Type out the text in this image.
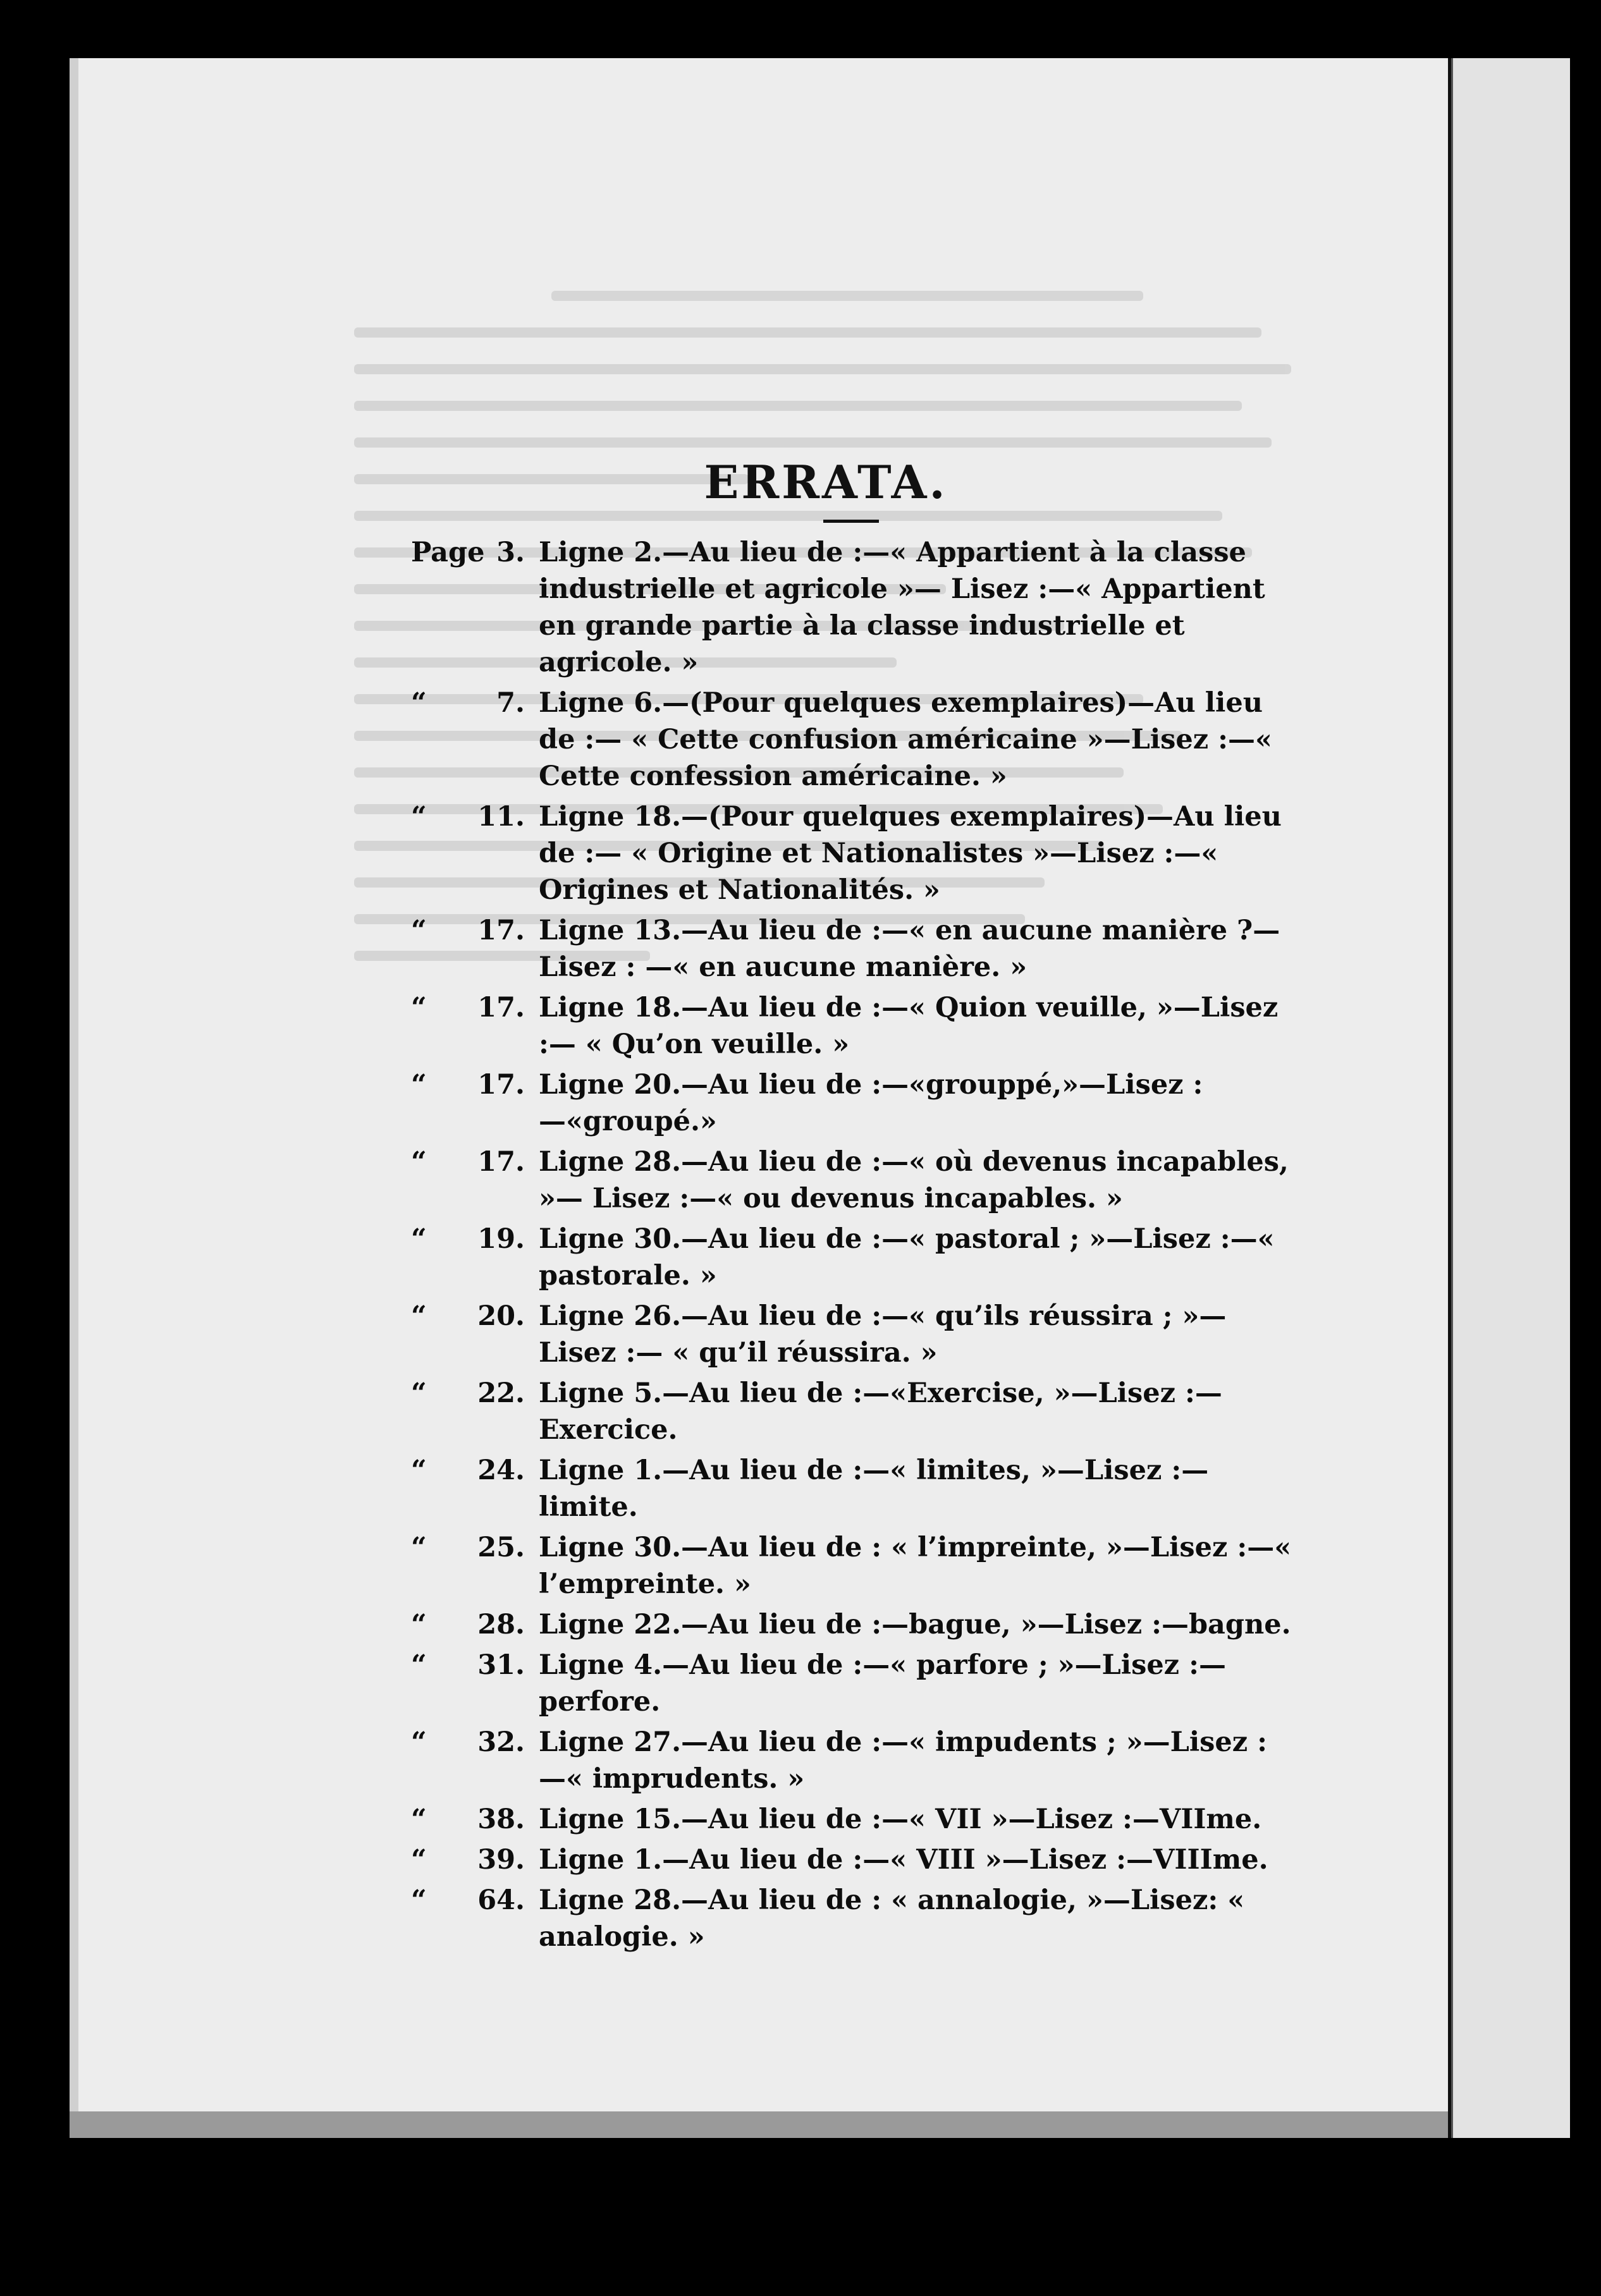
ERRATA.
Page 3. Ligne 2.—Au lieu de :—« Appartient à la classe industrielle et agricole »— Lisez :—« Appartient en grande partie à la classe industrielle et agricole. »
“	7. Ligne 6.—(Pour quelques exemplaires)—Au lieu de :— « Cette confusion américaine »—Lisez :—« Cette confession américaine. »
“	11. Ligne 18.—(Pour quelques exemplaires)—Au lieu de :— « Origine et Nationalistes »—Lisez :—« Origines et Nationalités. »
“	17. Ligne 13.—Au lieu de :—« en aucune manière ?—Lisez : —« en aucune manière. »
“	17. Ligne 18.—Au lieu de :—« Quion veuille, »—Lisez :— « Qu’on veuille. »
“	17. Ligne 20.—Au lieu de :—«grouppé,»—Lisez :—«groupé.»
“	17. Ligne 28.—Au lieu de :—« où devenus incapables, »— Lisez :—« ou devenus incapables. »
“	19. Ligne 30.—Au lieu de :—« pastoral ; »—Lisez :—« pastorale. »
“	20. Ligne 26.—Au lieu de :—« qu’ils réussira ; »—Lisez :— « qu’il réussira. »
“	22. Ligne 5.—Au lieu de :—«Exercise, »—Lisez :—Exercice.
“	24. Ligne 1.—Au lieu de :—« limites, »—Lisez :—limite.
“	25. Ligne 30.—Au lieu de : « l’impreinte, »—Lisez :—« l’empreinte. »
“	28. Ligne 22.—Au lieu de :—bague, »—Lisez :—bagne.
“	31. Ligne 4.—Au lieu de :—« parfore ; »—Lisez :—perfore.
“	32. Ligne 27.—Au lieu de :—« impudents ; »—Lisez :—« imprudents. »
“	38. Ligne 15.—Au lieu de :—« VII »—Lisez :—VIIme.
“	39. Ligne 1.—Au lieu de :—« VIII »—Lisez :—VIIIme.
“	64. Ligne 28.—Au lieu de : « annalogie, »—Lisez: « analogie. »
